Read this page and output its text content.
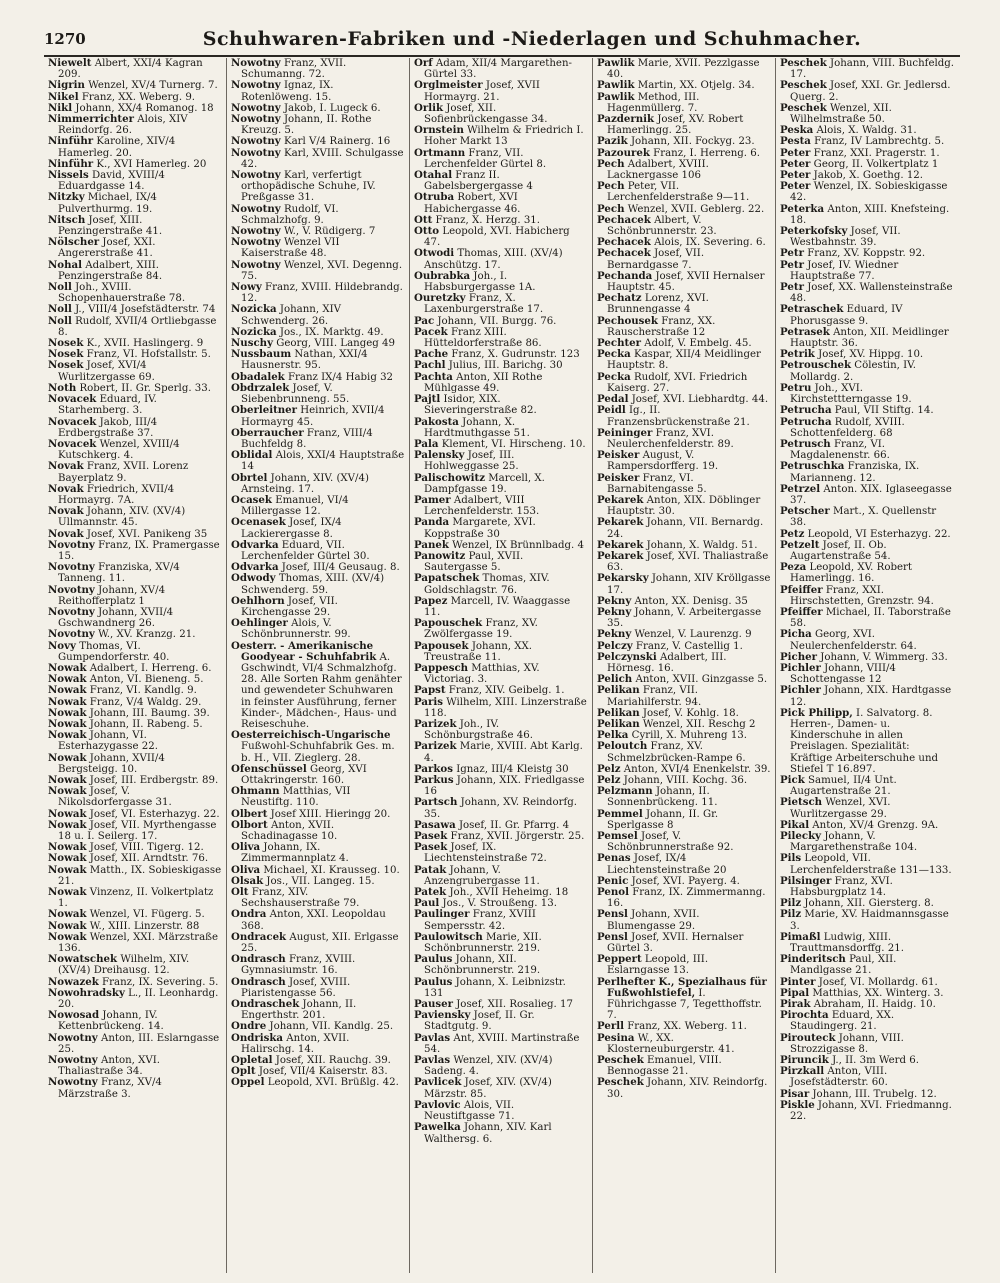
1270	Schuhwaren-Fabriken und -Niederlagen und Schuhmacher.

Niewelt Albert, XXI/4 Kagran 209.

Nigrin Wenzel, XV/4 Turnerg. 7.

Nikel Franz, XX. Weberg. 9.

Nikl Johann, XX/4 Romanog. 18

Nimmerrichter Alois, XIV Reindorfg. 26.

Ninführ Karoline, XIV/4 Hamerleg. 20.

Ninführ K., XVI Hamerleg. 20

Nissels David, XVIII/4 Eduardgasse 14.

Nitzky Michael, IX/4 Pulverthurmg. 19.

Nitsch Josef, XIII. Penzingerstraße 41.

Nölscher Josef, XXI. Angererstraße 41.

Nohal Adalbert, XIII. Penzingerstraße 84.

Noll Joh., XVIII. Schopenhauerstraße 78.

Noll J., VIII/4 Josefstädterstr. 74

Noll Rudolf, XVII/4 Ortliebgasse 8.

Nosek K., XVII. Haslingerg. 9

Nosek Franz, VI. Hofstallstr. 5.

Nosek Josef, XVI/4 Wurlitzergasse 69.

Noth Robert, II. Gr. Sperlg. 33.

Novacek Eduard, IV. Starhemberg. 3.

Novacek Jakob, III/4 Erdbergstraße 37.

Novacek Wenzel, XVIII/4 Kutschkerg. 4.

Novak Franz, XVII. Lorenz Bayerplatz 9.

Novak Friedrich, XVII/4 Hormayrg. 7A.

Novak Johann, XIV. (XV/4) Ullmannstr. 45.

Novak Josef, XVI. Panikeng 35

Novotny Franz, IX. Pramergasse 15.

Novotny Franziska, XV/4 Tanneng. 11.

Novotny Johann, XV/4 Reithofferplatz 1

Novotny Johann, XVII/4 Gschwandnerg 26.

Novotny W., XV. Kranzg. 21.

Novy Thomas, VI. Gumpendorferstr. 40.

Nowak Adalbert, I. Herreng. 6.

Nowak Anton, VI. Bieneng. 5.

Nowak Franz, VI. Kandlg. 9.

Nowak Franz, V/4 Waldg. 29.

Nowak Johann, III. Baumg. 39.

Nowak Johann, II. Rabeng. 5.

Nowak Johann, VI. Esterhazygasse 22.

Nowak Johann, XVII/4 Bergsteigg. 10.

Nowak Josef, III. Erdbergstr. 89.

Nowak Josef, V. Nikolsdorfergasse 31.

Nowak Josef, VI. Esterhazyg. 22.

Nowak Josef, VII. Myrthengasse 18 u. I. Seilerg. 17.

Nowak Josef, VIII. Tigerg. 12.

Nowak Josef, XII. Arndtstr. 76.

Nowak Matth., IX. Sobieskigasse 21.

Nowak Vinzenz, II. Volkertplatz 1.

Nowak Wenzel, VI. Fügerg. 5.

Nowak W., XIII. Linzerstr. 88

Nowak Wenzel, XXI. Märzstraße 136.

Nowatschek Wilhelm, XIV. (XV/4) Dreihausg. 12.

Nowazek Franz, IX. Severing. 5.

Nowohradsky L., II. Leonhardg. 20.

Nowosad Johann, IV. Kettenbrückeng. 14.

Nowotny Anton, III. Eslarngasse 25.

Nowotny Anton, XVI. Thaliastraße 34.

Nowotny Franz, XV/4 Märzstraße 3.

Nowotny Franz, XVII. Schumanng. 72.

Nowotny Ignaz, IX. Rotenlöweng. 15.

Nowotny Jakob, I. Lugeck 6.

Nowotny Johann, II. Rothe Kreuzg. 5.

Nowotny Karl V/4 Rainerg. 16

Nowotny Karl, XVIII. Schulgasse 42.

Nowotny Karl, verfertigt orthopädische Schuhe, IV. Preßgasse 31.

Nowotny Rudolf, VI. Schmalzhofg. 9.

Nowotny W., V. Rüdigerg. 7

Nowotny Wenzel VII Kaiserstraße 48.

Nowotny Wenzel, XVI. Degenng. 75.

Nowy Franz, XVIII. Hildebrandg. 12.

Nozicka Johann, XIV Schwenderg. 26.

Nozicka Jos., IX. Marktg. 49.

Nuschy Georg, VIII. Langeg 49

Nussbaum Nathan, XXI/4 Hausnerstr. 95.

Obadalek Franz IX/4 Habig 32

Obdrzalek Josef, V. Siebenbrunneng. 55.

Oberleitner Heinrich, XVII/4 Hormayrg 45.

Oberraucher Franz, VIII/4 Buchfeldg 8.

Oblidal Alois, XXI/4 Hauptstraße 14

Obrtel Johann, XIV. (XV/4) Arnsteing. 17.

Ocasek Emanuel, VI/4 Millergasse 12.

Ocenasek Josef, IX/4 Lackierergasse 8.

Odvarka Eduard, VII. Lerchenfelder Gürtel 30.

Odvarka Josef, III/4 Geusaug. 8.

Odwody Thomas, XIII. (XV/4) Schwenderg. 59.

Oehlhorn Josef, VII. Kirchengasse 29.

Oehlinger Alois, V. Schönbrunnerstr. 99.

Oesterr. - Amerikanische Goodyear - Schuhfabrik A. Gschwindt, VI/4 Schmalzhofg. 28. Alle Sorten Rahm genähter und gewendeter Schuhwaren in feinster Ausführung, ferner Kinder-, Mädchen-, Haus- und Reiseschuhe.

Oesterreichisch-Ungarische Fußwohl-Schuhfabrik Ges. m. b. H., VII. Zieglerg. 28.

Ofenschüssel Georg, XVI Ottakringerstr. 160.

Ohmann Matthias, VII Neustiftg. 110.

Olbert Josef XIII. Hieringg 20.

Olbort Anton, XVII. Schadinagasse 10.

Oliva Johann, IX. Zimmermannplatz 4.

Oliva Michael, XI. Krausseg. 10.

Olsak Jos., VII. Langeg. 15.

Olt Franz, XIV. Sechshauserstraße 79.

Ondra Anton, XXI. Leopoldau 368.

Ondracek August, XII. Erlgasse 25.

Ondrasch Franz, XVIII. Gymnasiumstr. 16.

Ondrasch Josef, XVIII. Piaristengasse 56.

Ondraschek Johann, II. Engerthstr. 201.

Ondre Johann, VII. Kandlg. 25.

Ondriska Anton, XVII. Halirschg. 14.

Opletal Josef, XII. Rauchg. 39.

Oplt Josef, VII/4 Kaiserstr. 83.

Oppel Leopold, XVI. Brüßlg. 42.

Orf Adam, XII/4 Margarethen-Gürtel 33.

Orglmeister Josef, XVII Hormayrg. 21.

Orlik Josef, XII. Sofienbrückengasse 34.

Ornstein Wilhelm & Friedrich I. Hoher Markt 13

Ortmann Franz, VII. Lerchenfelder Gürtel 8.

Otahal Franz II. Gabelsbergergasse 4

Otruba Robert, XVI Habichergasse 46.

Ott Franz, X. Herzg. 31.

Otto Leopold, XVI. Habicherg 47.

Otwodi Thomas, XIII. (XV/4) Anschützg. 17.

Oubrabka Joh., I. Habsburgergasse 1A.

Ouretzky Franz, X. Laxenburgerstraße 17.

Pac Johann, VII. Burgg. 76.

Pacek Franz XIII. Hütteldorferstraße 86.

Pache Franz, X. Gudrunstr. 123

Pachl Julius, III. Barichg. 30

Pachta Anton, XII Rothe Mühlgasse 49.

Pajtl Isidor, XIX. Sieveringerstraße 82.

Pakosta Johann, X. Hardtmuthgasse 51.

Pala Klement, VI. Hirscheng. 10.

Palensky Josef, III. Hohlweggasse 25.

Palischowitz Marcell, X. Dampfgasse 19.

Pamer Adalbert, VIII Lerchenfelderstr. 153.

Panda Margarete, XVI. Koppstraße 30

Panek Wenzel, IX Brünnlbadg. 4

Panowitz Paul, XVII. Sautergasse 5.

Papatschek Thomas, XIV. Goldschlagstr. 76.

Papez Marcell, IV. Waaggasse 11.

Papouschek Franz, XV. Zwölfergasse 19.

Papousek Johann, XX. Treustraße 11.

Pappesch Matthias, XV. Victoriag. 3.

Papst Franz, XIV. Geibelg. 1.

Paris Wilhelm, XIII. Linzerstraße 118.

Parizek Joh., IV. Schönburgstraße 46.

Parizek Marie, XVIII. Abt Karlg. 4.

Parkos Ignaz, III/4 Kleistg 30

Parkus Johann, XIX. Friedlgasse 16

Partsch Johann, XV. Reindorfg. 35.

Pasawa Josef, II. Gr. Pfarrg. 4

Pasek Franz, XVII. Jörgerstr. 25.

Pasek Josef, IX. Liechtensteinstraße 72.

Patak Johann, V. Anzengrubergasse 11.

Patek Joh., XVII Heheimg. 18

Paul Jos., V. Stroußeng. 13.

Paulinger Franz, XVIII Sempersstr. 42.

Paulowitsch Marie, XII. Schönbrunnerstr. 219.

Paulus Johann, XII. Schönbrunnerstr. 219.

Paulus Johann, X. Leibnizstr. 131

Pauser Josef, XII. Rosalieg. 17

Paviensky Josef, II. Gr. Stadtgutg. 9.

Pavlas Ant, XVIII. Martinstraße 54.

Pavlas Wenzel, XIV. (XV/4) Sadeng. 4.

Pavlicek Josef, XIV. (XV/4) Märzstr. 85.

Pavlovic Alois, VII. Neustiftgasse 71.

Pawelka Johann, XIV. Karl Walthersg. 6.

Pawlik Marie, XVII. Pezzlgasse 40.

Pawlik Martin, XX. Otjelg. 34.

Pawlik Method, III. Hagenmüllerg. 7.

Pazdernik Josef, XV. Robert Hamerlingg. 25.

Pazik Johann, XII. Fockyg. 23.

Pazourek Franz, I. Herreng. 6.

Pech Adalbert, XVIII. Lacknergasse 106

Pech Peter, VII. Lerchenfelderstraße 9—11.

Pech Wenzel, XVII. Geblerg. 22.

Pechacek Albert, V. Schönbrunnerstr. 23.

Pechacek Alois, IX. Severing. 6.

Pechacek Josef, VII. Bernardgasse 7.

Pechanda Josef, XVII Hernalser Hauptstr. 45.

Pechatz Lorenz, XVI. Brunnengasse 4

Pechousek Franz, XX. Rauscherstraße 12

Pechter Adolf, V. Embelg. 45.

Pecka Kaspar, XII/4 Meidlinger Hauptstr. 8.

Pecka Rudolf, XVI. Friedrich Kaiserg. 27.

Pedal Josef, XVI. Liebhardtg. 44.

Peidl Ig., II. Franzensbrückenstraße 21.

Peininger Franz, XVI. Neulerchenfelderstr. 89.

Peisker August, V. Rampersdorfferg. 19.

Peisker Franz, VI. Barnabitengasse 5.

Pekarek Anton, XIX. Döblinger Hauptstr. 30.

Pekarek Johann, VII. Bernardg. 24.

Pekarek Johann, X. Waldg. 51.

Pekarek Josef, XVI. Thaliastraße 63.

Pekarsky Johann, XIV Kröllgasse 17.

Pekny Anton, XX. Denisg. 35

Pekny Johann, V. Arbeitergasse 35.

Pekny Wenzel, V. Laurenzg. 9

Pelczy Franz, V. Castellig 1.

Pelczynski Adalbert, III. Hörnesg. 16.

Pelich Anton, XVII. Ginzgasse 5.

Pelikan Franz, VII. Mariahilferstr. 94.

Pelikan Josef, V. Kohlg. 18.

Pelikan Wenzel, XII. Reschg 2

Pelka Cyrill, X. Muhreng 13.

Peloutch Franz, XV. Schmelzbrücken-Rampe 6.

Pelz Anton, XVI/4 Enenkelstr. 39.

Pelz Johann, VIII. Kochg. 36.

Pelzmann Johann, II. Sonnenbrückeng. 11.

Pemmel Johann, II. Gr. Sperlgasse 8

Pemsel Josef, V. Schönbrunnerstraße 92.

Penas Josef, IX/4 Liechtensteinstraße 20

Penic Josef, XVI. Payerg. 4.

Penol Franz, IX. Zimmermanng. 16.

Pensl Johann, XVII. Blumengasse 29.

Pensl Josef, XVII. Hernalser Gürtel 3.

Peppert Leopold, III. Eslarngasse 13.

Perlhefter K., Spezialhaus für Fußwohlstiefel, I. Führichgasse 7, Tegetthoffstr. 7.

Perll Franz, XX. Weberg. 11.

Pesina W., XX. Klosterneuburgerstr. 41.

Peschek Emanuel, VIII. Bennogasse 21.

Peschek Johann, XIV. Reindorfg. 30.

Peschek Johann, VIII. Buchfeldg. 17.

Peschek Josef, XXI. Gr. Jedlersd. Querg. 2.

Peschek Wenzel, XII. Wilhelmstraße 50.

Peska Alois, X. Waldg. 31.

Pesta Franz, IV Lambrechtg. 5.

Peter Franz, XXI. Pragerstr. 1.

Peter Georg, II. Volkertplatz 1

Peter Jakob, X. Goethg. 12.

Peter Wenzel, IX. Sobieskigasse 42.

Peterka Anton, XIII. Knefsteing. 18.

Peterkofsky Josef, VII. Westbahnstr. 39.

Petr Franz, XV. Koppstr. 92.

Petr Josef, IV. Wiedner Hauptstraße 77.

Petr Josef, XX. Wallensteinstraße 48.

Petraschek Eduard, IV Phorusgasse 9.

Petrasek Anton, XII. Meidlinger Hauptstr. 36.

Petrik Josef, XV. Hippg. 10.

Petrouschek Cölestin, IV. Mollardg. 2.

Petru Joh., XVI. Kirchstettterngasse 19.

Petrucha Paul, VII Stiftg. 14.

Petrucha Rudolf, XVIII. Schottenfelderg. 68

Petrusch Franz, VI. Magdalenenstr. 66.

Petruschka Franziska, IX. Marianneng. 12.

Petrzel Anton. XIX. Iglaseegasse 37.

Petscher Mart., X. Quellenstr 38.

Petz Leopold, VI Esterhazyg. 22.

Petzelt Josef, II. Ob. Augartenstraße 54.

Peza Leopold, XV. Robert Hamerlingg. 16.

Pfeiffer Franz, XXI. Hirschstetten, Grenzstr. 94.

Pfeiffer Michael, II. Taborstraße 58.

Picha Georg, XVI. Neulerchenfelderstr. 64.

Picher Johann, V. Wimmerg. 33.

Pichler Johann, VIII/4 Schottengasse 12

Pichler Johann, XIX. Hardtgasse 12.

Pick Philipp, I. Salvatorg. 8. Herren-, Damen- u. Kinderschuhe in allen Preislagen. Spezialität: Kräftige Arbeiterschuhe und Stiefel T 16.897.

Pick Samuel, II/4 Unt. Augartenstraße 21.

Pietsch Wenzel, XVI. Wurlitzergasse 29.

Pikal Anton, XV/4 Grenzg. 9A.

Pilecky Johann, V. Margarethenstraße 104.

Pils Leopold, VII. Lerchenfelderstraße 131—133.

Pilsinger Franz, XVI. Habsburgplatz 14.

Pilz Johann, XII. Giersterg. 8.

Pilz Marie, XV. Haidmannsgasse 3.

Pimaßl Ludwig, XIII. Trauttmansdorffg. 21.

Pinderitsch Paul, XII. Mandlgasse 21.

Pinter Josef, VI. Mollardg. 61.

Pipal Matthias, XX. Winterg. 3.

Pirak Abraham, II. Haidg. 10.

Pirochta Eduard, XX. Staudingerg. 21.

Pirouteck Johann, VIII. Strozzigasse 8.

Piruncik J., II. 3m Werd 6.

Pirzkall Anton, VIII. Josefstädterstr. 60.

Pisar Johann, III. Trubelg. 12.

Piskle Johann, XVI. Friedmanng. 22.
